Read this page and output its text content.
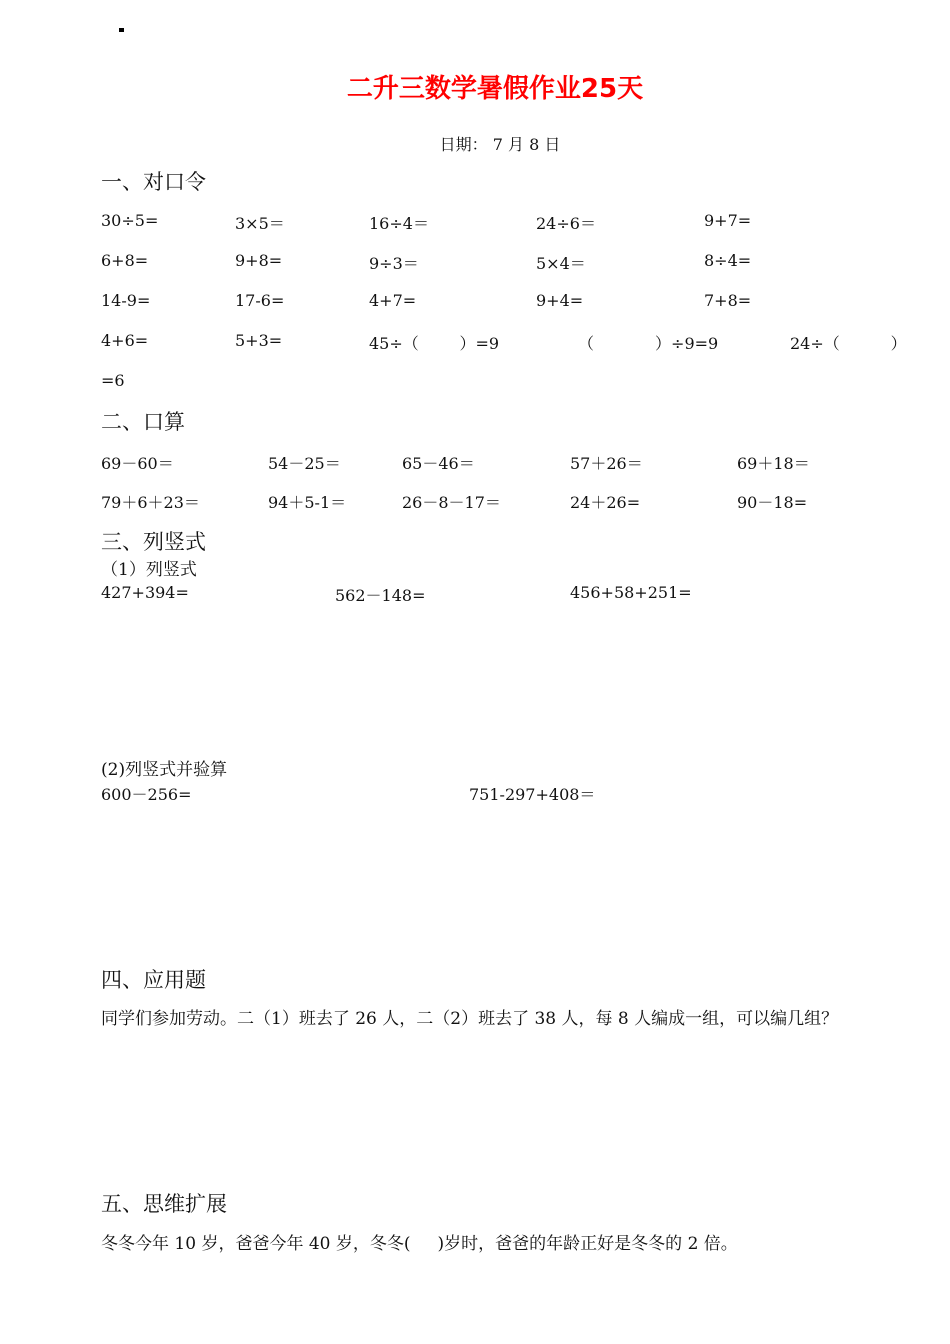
二升三数学暑假作业25天
日期： 7 月 8 日
一、对口令
30÷5=	3×5＝	16÷4＝	24÷6＝	9+7=
6+8=	9+8=	9÷3＝	5×4＝	8÷4=
14-9=	17-6=	4+7=	9+4=	7+8=
4+6=	5+3=	45÷（        ）=9	（            ）÷9=9	24÷（          ）
=6
二、口算
69－60＝	54－25＝	65－46＝	57＋26＝	69＋18＝
79＋6＋23＝	94＋5-1＝	26－8－17＝	24＋26=	90－18=
三、列竖式
（1）列竖式
427+394=	562－148=	456+58+251=
(2)列竖式并验算
600－256=	751-297+408＝
四、应用题
同学们参加劳动。二（1）班去了 26 人，二（2）班去了 38 人，每 8 人编成一组，可以编几组？
五、思维扩展
冬冬今年 10 岁，爸爸今年 40 岁，冬冬(     )岁时，爸爸的年龄正好是冬冬的 2 倍。
